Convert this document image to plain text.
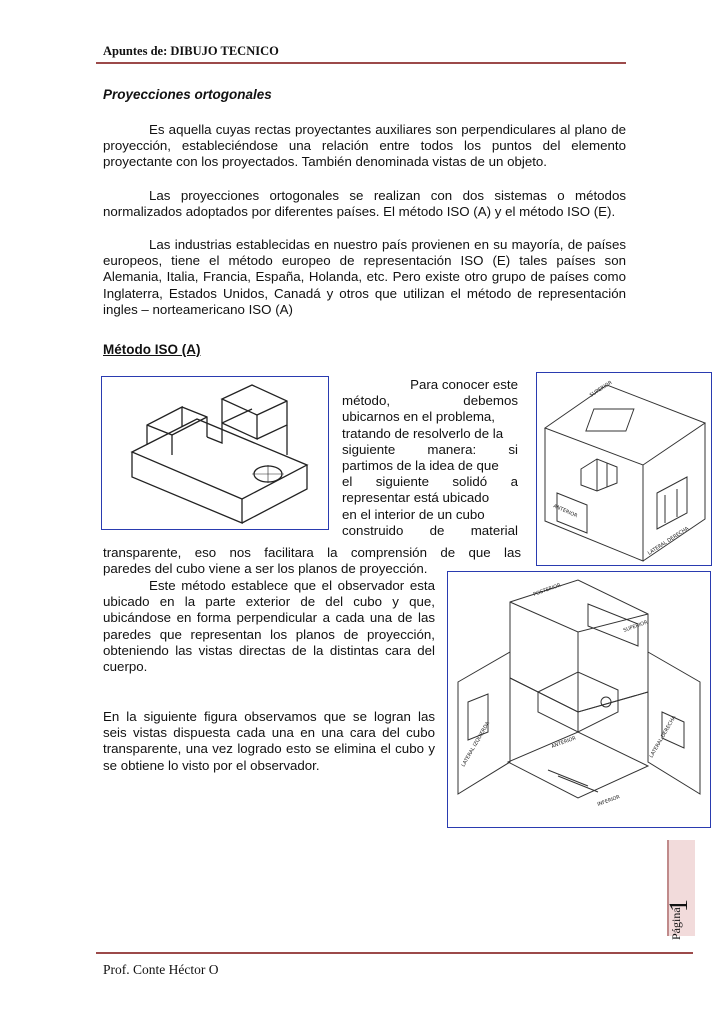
Apuntes de: DIBUJO TECNICO
Proyecciones ortogonales

Es aquella cuyas rectas proyectantes auxiliares son perpendiculares al plano de proyección, estableciéndose una relación entre todos los puntos del elemento proyectante con los proyectados. También denominada vistas de un objeto.

Las proyecciones ortogonales se realizan con dos sistemas o métodos normalizados adoptados por diferentes países. El método ISO (A) y el método ISO (E).

Las industrias establecidas en nuestro país provienen en su mayoría, de países europeos, tiene el método europeo de representación ISO (E) tales países son Alemania, Italia, Francia, España, Holanda, etc. Pero existe otro grupo de países como Inglaterra, Estados Unidos, Canadá y otros que utilizan el método de representación ingles – norteamericano ISO (A)

Método ISO (A)
Para conocer este
método,	debemos
ubicarnos en el problema,
tratando de resolverlo de la
siguiente manera: si
partimos de la idea de que
el siguiente solidó a
representar está ubicado
en el interior de un cubo
construido de material
transparente, eso nos facilitara la comprensión de que las
paredes del cubo viene a ser los planos de proyección.

Este método establece que el observador esta ubicado en la parte exterior de del cubo y que, ubicándose en forma perpendicular a cada una de las paredes que representan los planos de proyección, obteniendo las vistas directas de la distintas cara del cuerpo.

En la siguiente figura observamos que se logran las seis vistas dispuesta cada una en una cara del cubo transparente, una vez logrado esto se elimina el cubo y se obtiene lo visto por el observador.

SUPERIOR
ANTERIOR
LATERAL DERECHA
POSTERIOR
SUPERIOR
LATERAL IZQUIERDA	ANTERIOR	LATERAL DERECHA
INFERIOR
Página
1
Prof. Conte Héctor O
